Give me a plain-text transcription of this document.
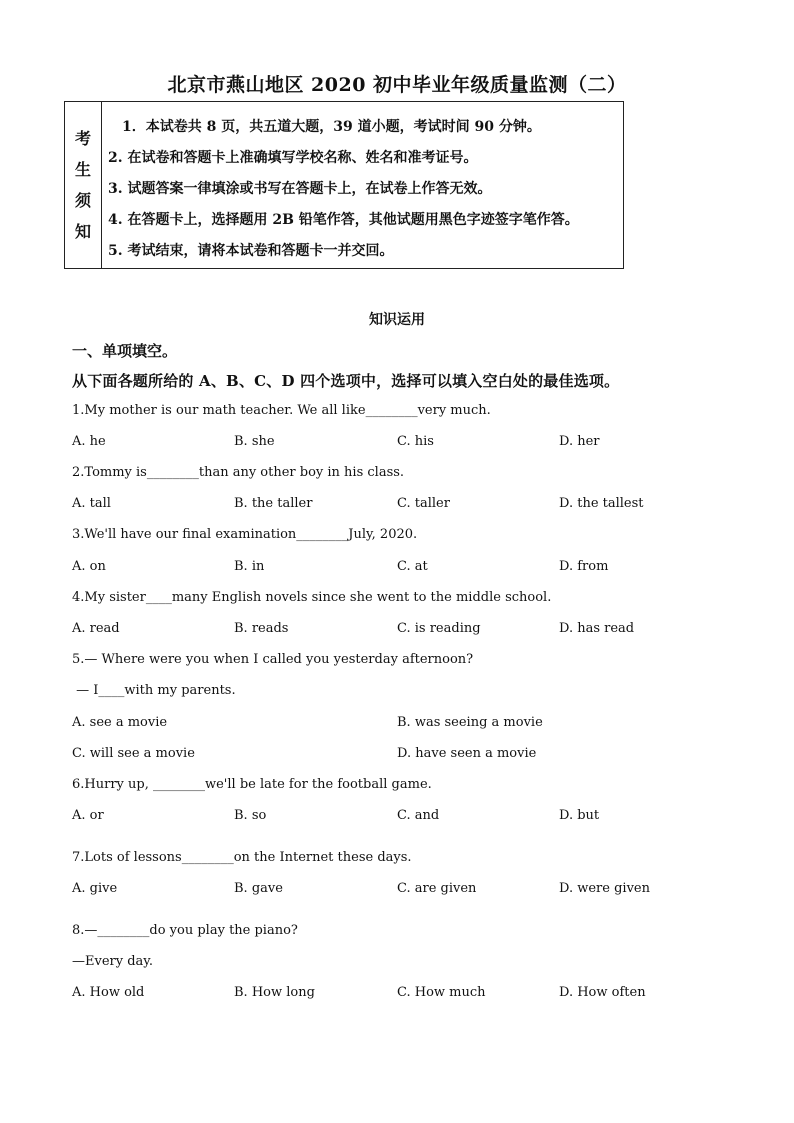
北京市燕山地区 2020 初中毕业年级质量监测（二）
考
生
须
知
1．本试卷共 8 页，共五道大题，39 道小题，考试时间 90 分钟。
2. 在试卷和答题卡上准确填写学校名称、姓名和准考证号。
3. 试题答案一律填涂或书写在答题卡上，在试卷上作答无效。
4. 在答题卡上，选择题用 2B 铅笔作答，其他试题用黑色字迹签字笔作答。
5. 考试结束，请将本试卷和答题卡一并交回。
知识运用
一、单项填空。
从下面各题所给的 A、B、C、D 四个选项中，选择可以填入空白处的最佳选项。
1.My mother is our math teacher. We all like________very much.
A. he	B. she	C. his	D. her
2.Tommy is________than any other boy in his class.
A. tall	B. the taller	C. taller	D. the tallest
3.We'll have our final examination________July, 2020.
A. on	B. in	C. at	D. from
4.My sister____many English novels since she went to the middle school.
A. read	B. reads	C. is reading	D. has read
5.— Where were you when I called you yesterday afternoon?
— I____with my parents.
A. see a movie	B. was seeing a movie
C. will see a movie	D. have seen a movie
6.Hurry up, ________we'll be late for the football game.
A. or	B. so	C. and	D. but
7.Lots of lessons________on the Internet these days.
A. give	B. gave	C. are given	D. were given
8.—________do you play the piano?
—Every day.
A. How old	B. How long	C. How much	D. How often
